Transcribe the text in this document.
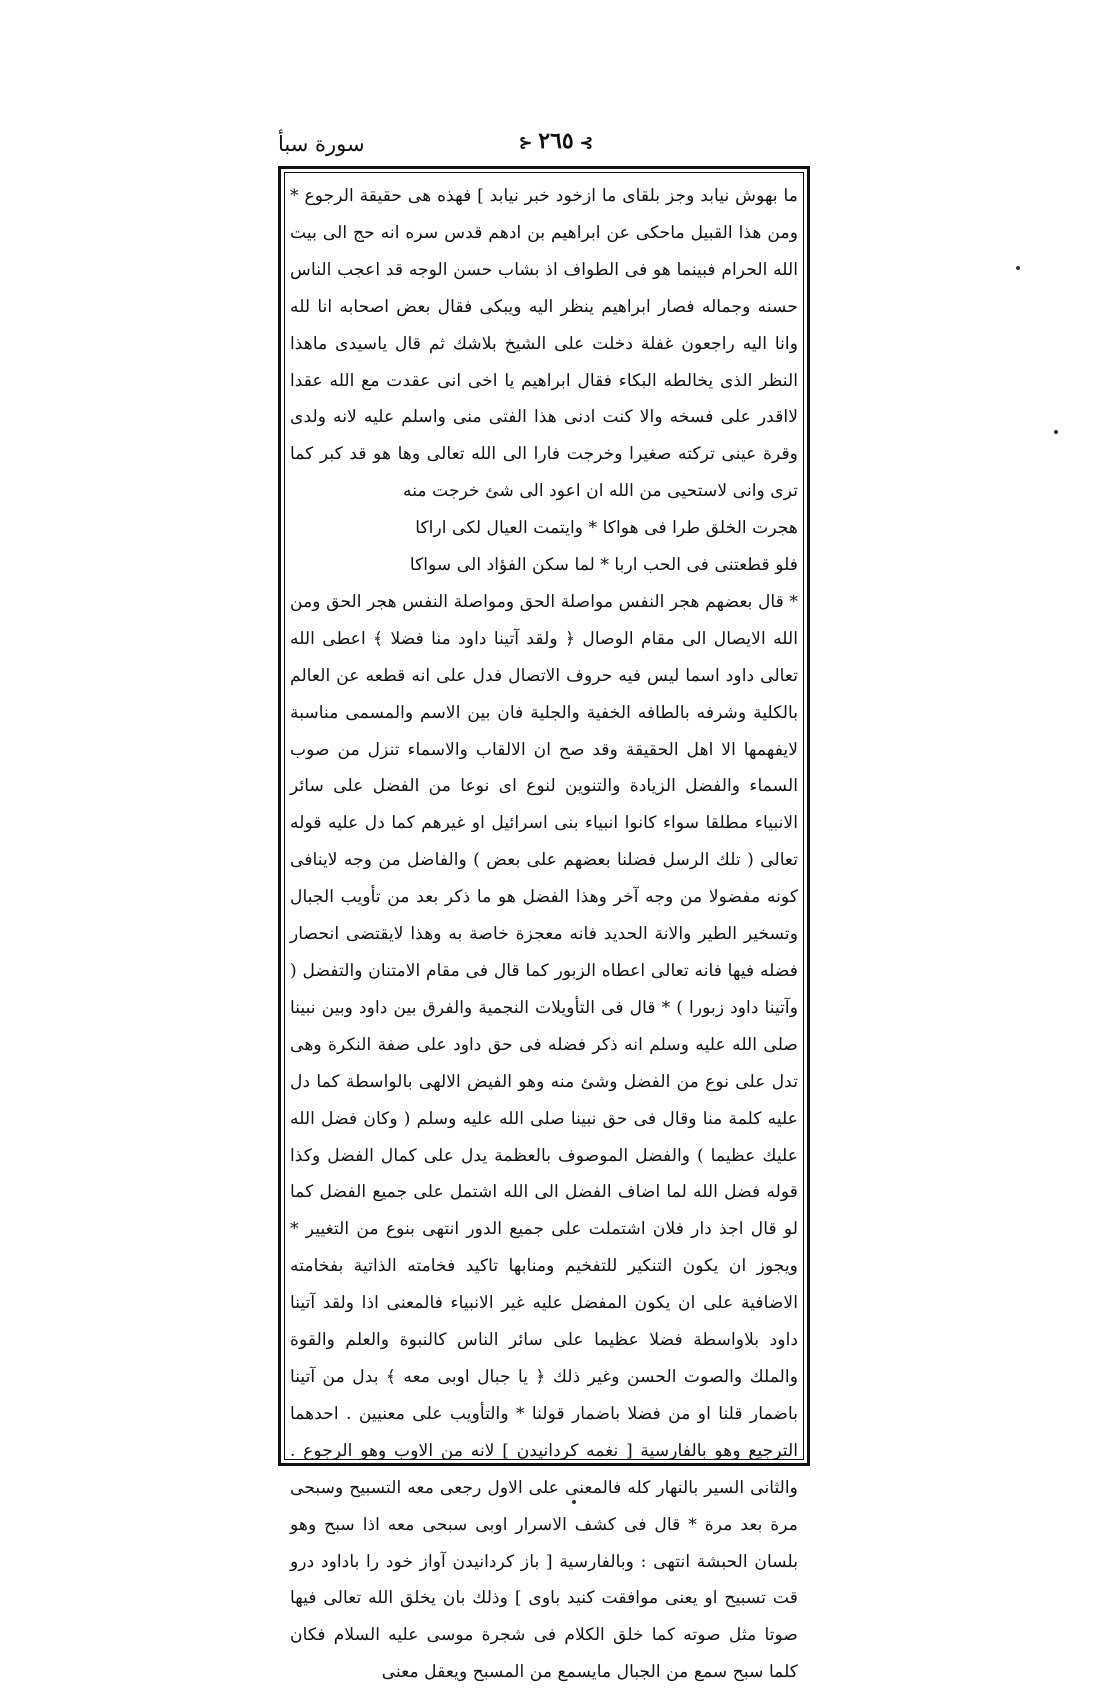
سورة سبأ	⊱٢٦٥⊰

ما بهوش نیابد وجز بلقای ما ازخود خبر نیابد ] فهذه هی حقیقة الرجوع * ومن هذا القبیل ماحکی عن ابراهیم بن ادهم قدس سره انه حج الی بیت الله الحرام فبینما هو فی الطواف اذ بشاب حسن الوجه قد اعجب الناس حسنه وجماله فصار ابراهیم ینظر الیه ویبکی فقال بعض اصحابه انا لله وانا الیه راجعون غفلة دخلت علی الشیخ بلاشك ثم قال یاسیدی ماهذا النظر الذی یخالطه البکاء فقال ابراهیم یا اخی انی عقدت مع الله عقدا لااقدر علی فسخه والا کنت ادنی هذا الفتی منی واسلم علیه لانه ولدی وقرة عینی ترکته صغیرا وخرجت فارا الی الله تعالی وها هو قد کبر کما تری وانی لاستحیی من الله ان اعود الی شئ خرجت منه

هجرت الخلق طرا فی هواکا * وایتمت العیال لکی اراکا
فلو قطعتنی فی الحب اربا * لما سکن الفؤاد الی سواکا

* قال بعضهم هجر النفس مواصلة الحق ومواصلة النفس هجر الحق ومن الله الایصال الی مقام الوصال ﴿ ولقد آتینا داود منا فضلا ﴾ اعطی الله تعالی داود اسما لیس فیه حروف الاتصال فدل علی انه قطعه عن العالم بالکلیة وشرفه بالطافه الخفیة والجلیة فان بین الاسم والمسمی مناسبة لایفهمها الا اهل الحقیقة وقد صح ان الالقاب والاسماء تنزل من صوب السماء والفضل الزیادة والتنوین لنوع ای نوعا من الفضل علی سائر الانبیاء مطلقا سواء کانوا انبیاء بنی اسرائیل او غیرهم کما دل علیه قوله تعالی ( تلك الرسل فضلنا بعضهم علی بعض ) والفاضل من وجه لاینافی کونه مفضولا من وجه آخر وهذا الفضل هو ما ذکر بعد من تأویب الجبال وتسخیر الطیر والانة الحدید فانه معجزة خاصة به وهذا لایقتضی انحصار فضله فیها فانه تعالی اعطاه الزبور کما قال فی مقام الامتنان والتفضل ( وآتینا داود زبورا ) * قال فی التأویلات النجمیة والفرق بین داود وبین نبینا صلی الله علیه وسلم انه ذکر فضله فی حق داود علی صفة النکرة وهی تدل علی نوع من الفضل وشئ منه وهو الفیض الالهی بالواسطة کما دل علیه کلمة منا وقال فی حق نبینا صلی الله علیه وسلم ( وکان فضل الله علیك عظیما ) والفضل الموصوف بالعظمة یدل علی کمال الفضل وکذا قوله فضل الله لما اضاف الفضل الی الله اشتمل علی جمیع الفضل کما لو قال اجذ دار فلان اشتملت علی جمیع الدور انتهی بنوع من التغییر * ویجوز ان یکون التنکیر للتفخیم ومنابها تاکید فخامته الذاتیة بفخامته الاضافیة علی ان یکون المفضل علیه غیر الانبیاء فالمعنی اذا ولقد آتینا داود بلاواسطة فضلا عظیما علی سائر الناس کالنبوة والعلم والقوة والملك والصوت الحسن وغیر ذلك ﴿ یا جبال اوبی معه ﴾ بدل من آتینا باضمار قلنا او من فضلا باضمار قولنا * والتأویب علی معنیین . احدهما الترجیع وهو بالفارسیة [ نغمه کردانیدن ] لانه من الاوب وهو الرجوع . والثانی السیر بالنهار کله فالمعنی علی الاول رجعی معه التسبیح وسبحی مرة بعد مرة * قال فی کشف الاسرار اوبی سبحی معه اذا سبح وهو بلسان الحبشة انتهی : وبالفارسیة [ باز کردانیدن آواز خود را باداود درو قت تسبیح او یعنی موافقت کنید باوی ] وذلك بان یخلق الله تعالی فیها صوتا مثل صوته کما خلق الکلام فی شجرة موسی علیه السلام فکان کلما سبح سمع من الجبال مایسمع من المسبح ویعقل معنی
